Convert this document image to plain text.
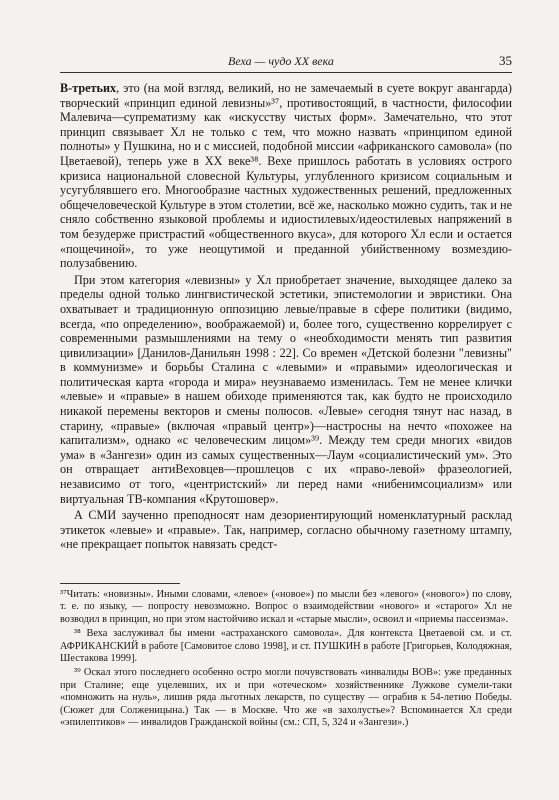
Веха — чудо ХХ века	35

В-третьих, это (на мой взгляд, великий, но не замечаемый в суете вокруг авангарда) творческий «принцип единой левизны»³⁷, противостоящий, в частности, философии Малевича—супрематизму как «искусству чистых форм». Замечательно, что этот принцип связывает Хл не только с тем, что можно назвать «принципом единой полноты» у Пушкина, но и с миссией, подобной миссии «африканского самовола» (по Цветаевой), теперь уже в ХХ веке³⁸. Вехе пришлось работать в условиях острого кризиса национальной словесной Культуры, углубленного кризисом социальным и усугублявшего его. Многообразие частных художественных решений, предложенных общечеловеческой Культуре в этом столетии, всё же, насколько можно судить, так и не сняло собственно языковой проблемы и идиостилевых/идеостилевых напряжений в том безудерже пристрастий «общественного вкуса», для которого Хл если и остается «пощечиной», то уже неощутимой и преданной убийственному возмездию-полузабвению.

При этом категория «левизны» у Хл приобретает значение, выходящее далеко за пределы одной только лингвистической эстетики, эпистемологии и эвристики. Она охватывает и традиционную оппозицию левые/правые в сфере политики (видимо, всегда, «по определению», воображаемой) и, более того, существенно коррелирует с современными размышлениями на тему о «необходимости менять тип развития цивилизации» [Данилов-Данильян 1998 : 22]. Со времен «Детской болезни "левизны" в коммунизме» и борьбы Сталина с «левыми» и «правыми» идеологическая и политическая карта «города и мира» неузнаваемо изменилась. Тем не менее клички «левые» и «правые» в нашем обиходе применяются так, как будто не происходило никакой перемены векторов и смены полюсов. «Левые» сегодня тянут нас назад, в старину, «правые» (включая «правый центр»)—настросны на нечто «похожее на капитализм», однако «с человеческим лицом»³⁹. Между тем среди многих «видов ума» в «Зангези» один из самых существенных—Лаум «социалистический ум». Это он отвращает антиВеховцев—прошлецов с их «право-левой» фразеологией, независимо от того, «центристский» ли перед нами «нибенимсоциализм» или виртуальная ТВ-компания «Крутошовер».

А СМИ заученно преподносят нам дезориентирующий номенклатурный расклад этикеток «левые» и «правые». Так, например, согласно обычному газетному штампу, «не прекращает попыток навязать средст-

³⁷Читать: «новизны». Иными словами, «левое» («новое») по мысли без «левого» («нового») по слову, т. е. по языку, — попросту невозможно. Вопрос о взаимодействии «нового» и «старого» Хл не возводил в принцип, но при этом настойчиво искал и «старые мысли», освоил и «приемы пассеизма».

³⁸ Веха заслуживал бы имени «астраханского самовола». Для контекста Цветаевой см. и ст. АФРИКАНСКИЙ в работе [Самовитое слово 1998], и ст. ПУШКИН в работе [Григорьев, Колодяжная, Шестакова 1999].

³⁹ Оскал этого последнего особенно остро могли почувствовать «инвалиды ВОВ»: уже преданных при Сталине; еще уцелевших, их и при «отеческом» хозяйственнике Лужкове сумели-таки «помножить на нуль», лишив ряда льготных лекарств, по существу — ограбив к 54-летию Победы. (Сюжет для Солженицына.) Так — в Москве. Что же «в захолустье»? Вспоминается Хл среди «эпилептиков» — инвалидов Гражданской войны (см.: СП, 5, 324 и «Зангези».)
